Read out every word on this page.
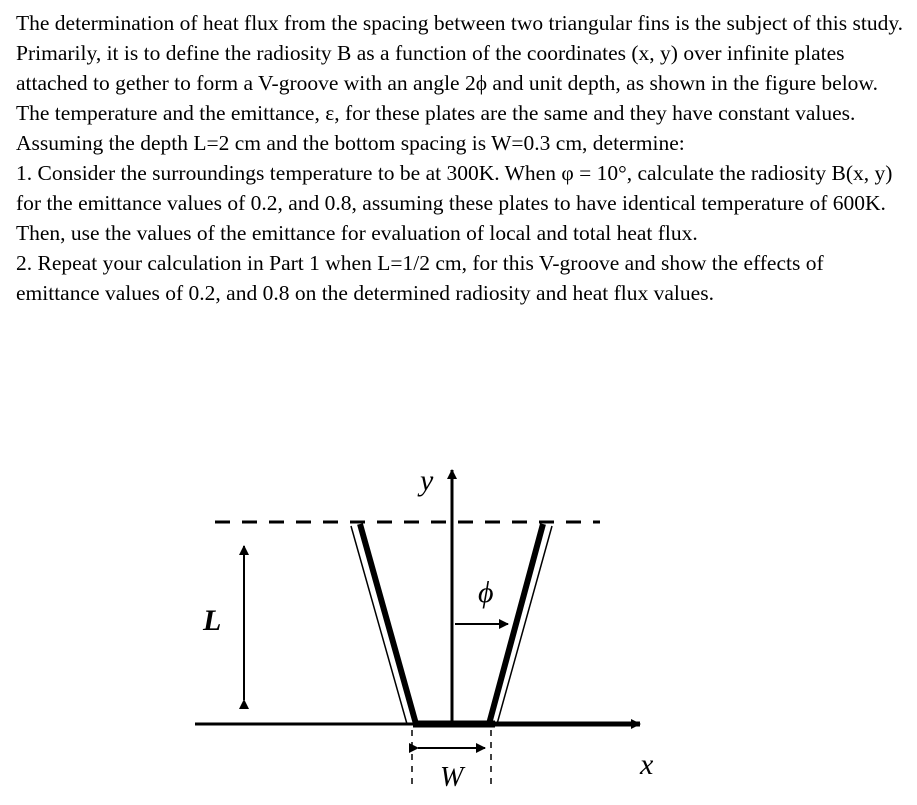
The determination of heat flux from the spacing between two triangular fins is the subject of this study. Primarily, it is to define the radiosity B as a function of the coordinates (x, y) over infinite plates attached to gether to form a V-groove with an angle 2ϕ and unit depth, as shown in the figure below. The temperature and the emittance, ε, for these plates are the same and they have constant values. Assuming the depth L=2 cm and the bottom spacing is W=0.3 cm, determine:

1. Consider the surroundings temperature to be at 300K. When φ = 10°, calculate the radiosity B(x, y) for the emittance values of 0.2, and 0.8, assuming these plates to have identical temperature of 600K. Then, use the values of the emittance for evaluation of local and total heat flux.

2. Repeat your calculation in Part 1 when L=1/2 cm, for this V-groove and show the effects of emittance values of 0.2, and 0.8 on the determined radiosity and heat flux values.

y
x
L
W
ϕ
